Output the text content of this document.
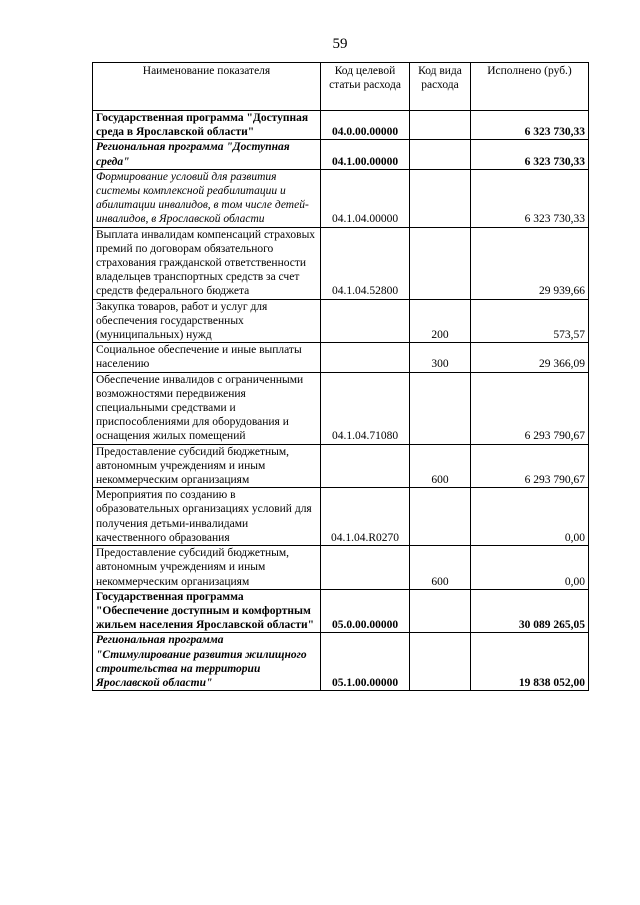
59
Наименование показателя	Код целевой статьи расхода	Код вида расхода	Исполнено (руб.)
Государственная программа "Доступная среда в Ярославской области"	04.0.00.00000		6 323 730,33
Региональная программа "Доступная среда"	04.1.00.00000		6 323 730,33
Формирование условий для развития системы комплексной реабилитации и абилитации инвалидов, в том числе детей-инвалидов, в Ярославской области	04.1.04.00000		6 323 730,33
Выплата инвалидам компенсаций страховых премий по договорам обязательного страхования гражданской ответственности владельцев транспортных средств за счет средств федерального бюджета	04.1.04.52800		29 939,66
Закупка товаров, работ и услуг для обеспечения государственных (муниципальных) нужд		200	573,57
Социальное обеспечение и иные выплаты населению		300	29 366,09
Обеспечение инвалидов с ограниченными возможностями передвижения специальными средствами и приспособлениями для оборудования и оснащения жилых помещений	04.1.04.71080		6 293 790,67
Предоставление субсидий бюджетным, автономным учреждениям и иным некоммерческим организациям		600	6 293 790,67
Мероприятия по созданию в образовательных организациях условий для получения детьми-инвалидами качественного образования	04.1.04.R0270		0,00
Предоставление субсидий бюджетным, автономным учреждениям и иным некоммерческим организациям		600	0,00
Государственная программа "Обеспечение доступным и комфортным жильем населения Ярославской области"	05.0.00.00000		30 089 265,05
Региональная программа "Стимулирование развития жилищного строительства на территории Ярославской области"	05.1.00.00000		19 838 052,00
